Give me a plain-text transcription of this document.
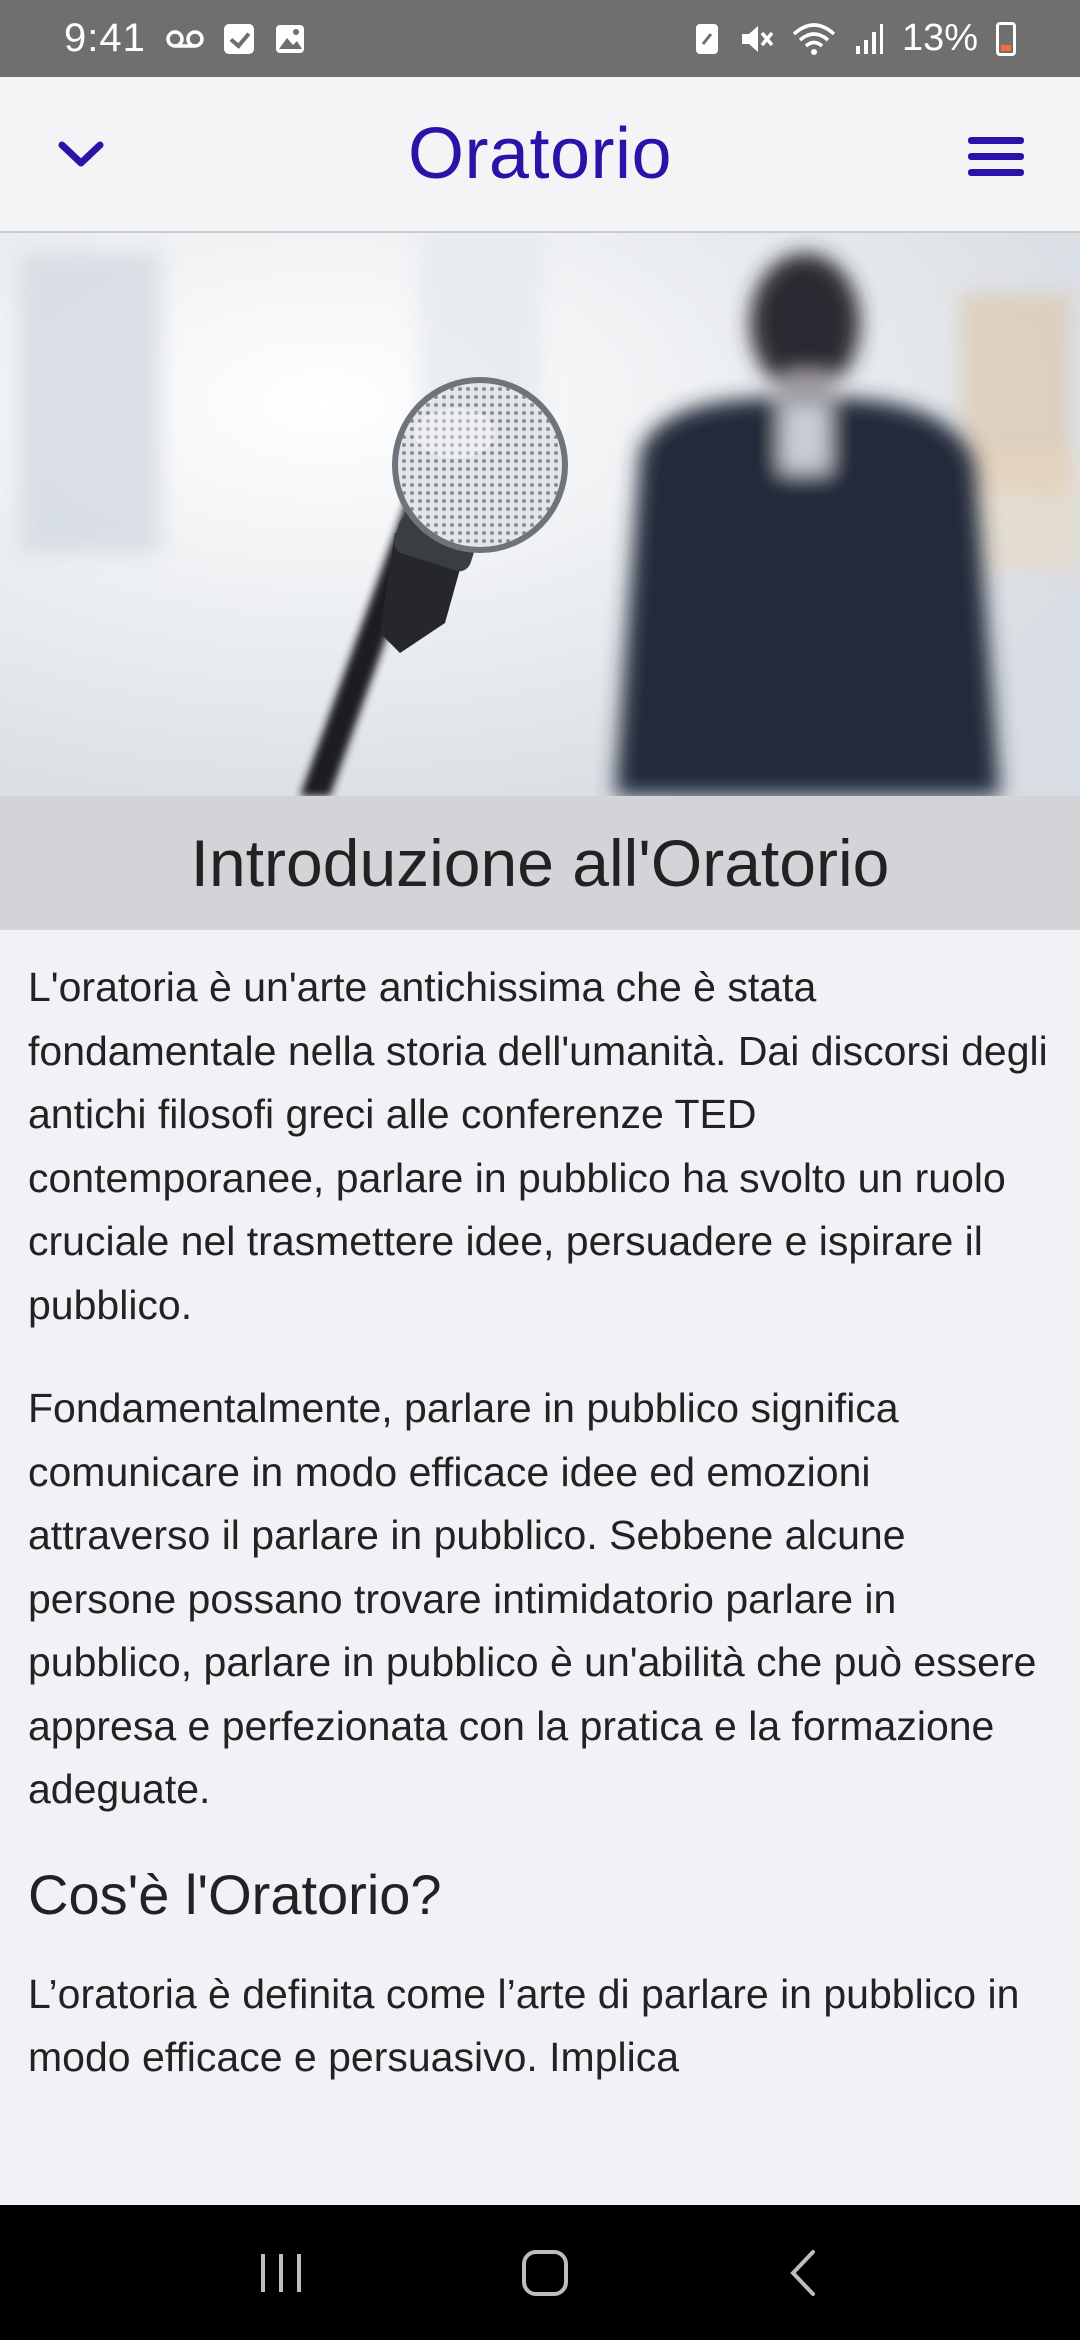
9:41	13%
Oratorio
Introduzione all'Oratorio

L'oratoria è un'arte antichissima che è stata fondamentale nella storia dell'umanità. Dai discorsi degli antichi filosofi greci alle conferenze TED contemporanee, parlare in pubblico ha svolto un ruolo cruciale nel trasmettere idee, persuadere e ispirare il pubblico.

Fondamentalmente, parlare in pubblico significa comunicare in modo efficace idee ed emozioni attraverso il parlare in pubblico. Sebbene alcune persone possano trovare intimidatorio parlare in pubblico, parlare in pubblico è un'abilità che può essere appresa e perfezionata con la pratica e la formazione adeguate.

Cos'è l'Oratorio?

L’oratoria è definita come l’arte di parlare in pubblico in modo efficace e persuasivo. Implica
